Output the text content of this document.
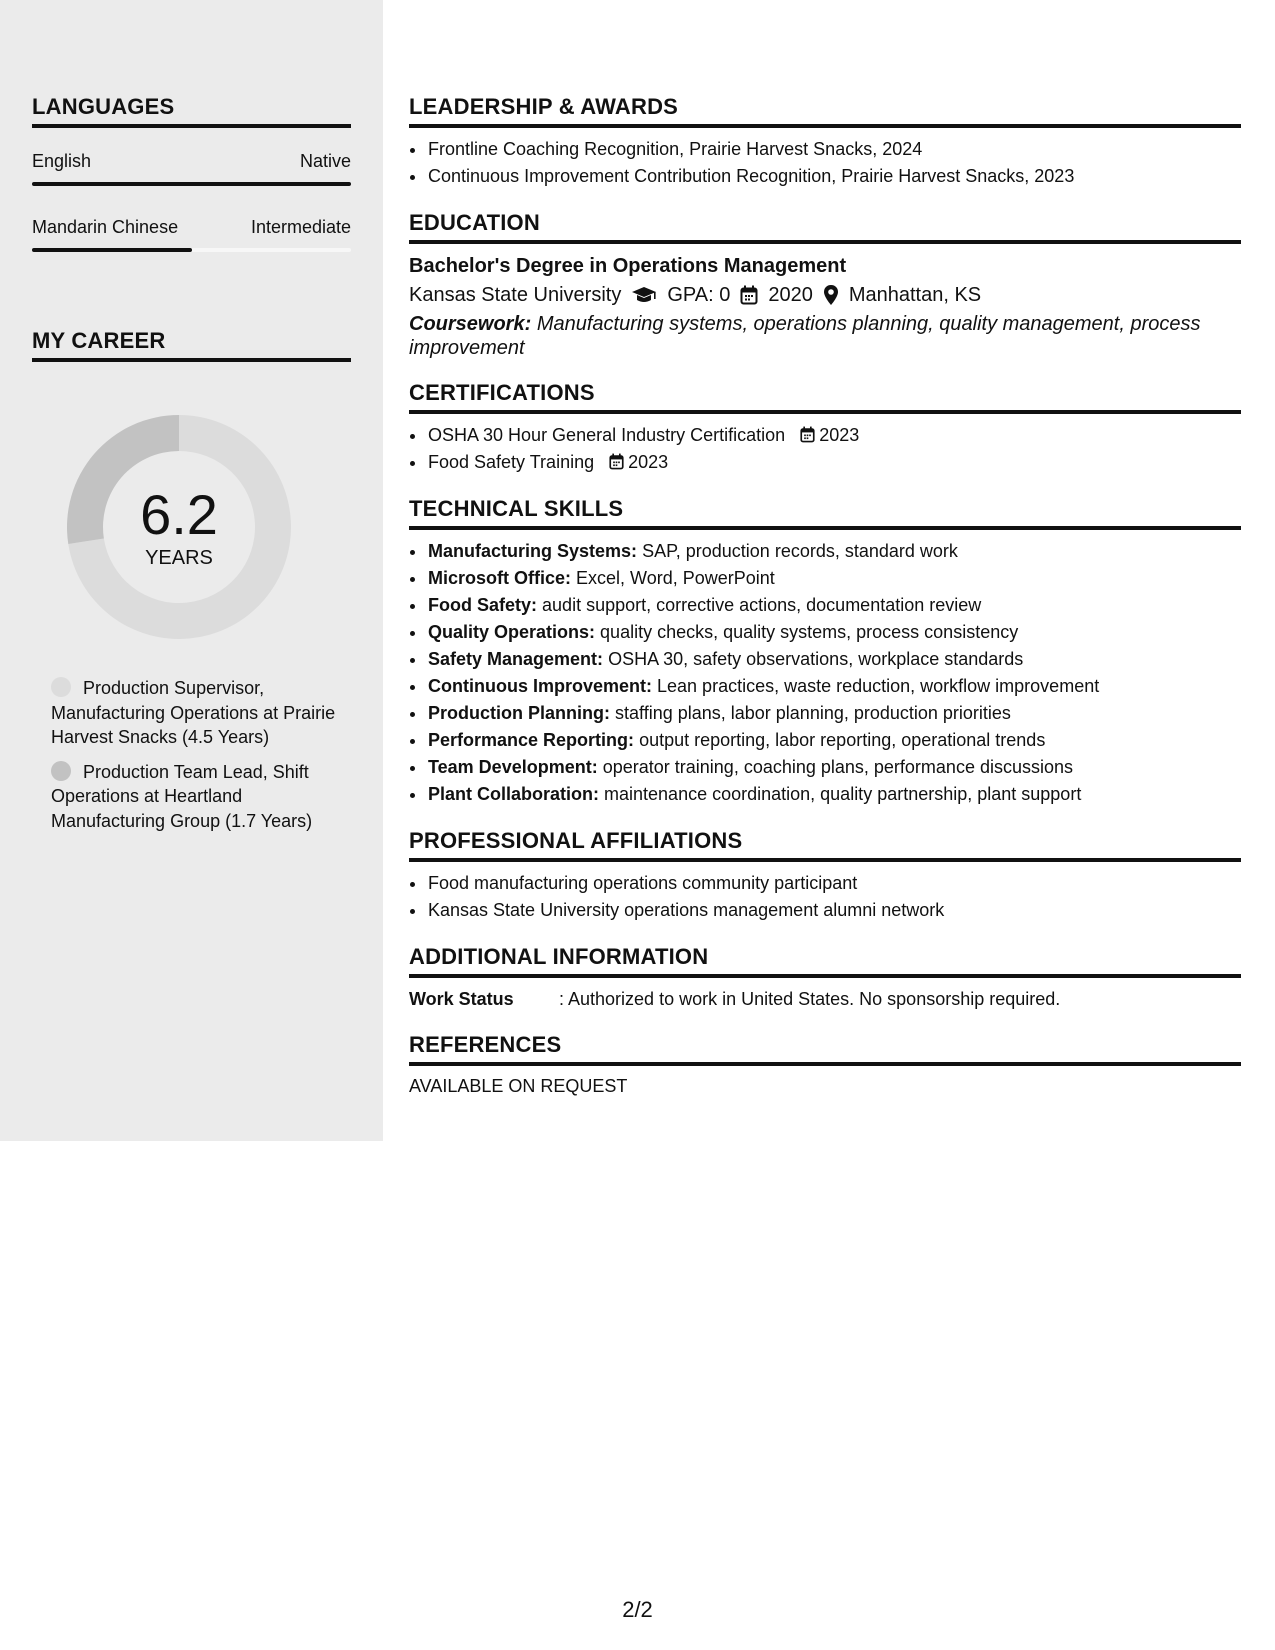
LANGUAGES
English	Native
Mandarin Chinese	Intermediate
MY CAREER
6.2
YEARS
Production Supervisor, Manufacturing Operations at Prairie Harvest Snacks (4.5 Years)
Production Team Lead, Shift Operations at Heartland Manufacturing Group (1.7 Years)
LEADERSHIP & AWARDS
• Frontline Coaching Recognition, Prairie Harvest Snacks, 2024
• Continuous Improvement Contribution Recognition, Prairie Harvest Snacks, 2023
EDUCATION
Bachelor's Degree in Operations Management
Kansas State University GPA: 0 2020 Manhattan, KS
Coursework: Manufacturing systems, operations planning, quality management, process improvement
CERTIFICATIONS
• OSHA 30 Hour General Industry Certification 2023
• Food Safety Training 2023
TECHNICAL SKILLS
• Manufacturing Systems: SAP, production records, standard work
• Microsoft Office: Excel, Word, PowerPoint
• Food Safety: audit support, corrective actions, documentation review
• Quality Operations: quality checks, quality systems, process consistency
• Safety Management: OSHA 30, safety observations, workplace standards
• Continuous Improvement: Lean practices, waste reduction, workflow improvement
• Production Planning: staffing plans, labor planning, production priorities
• Performance Reporting: output reporting, labor reporting, operational trends
• Team Development: operator training, coaching plans, performance discussions
• Plant Collaboration: maintenance coordination, quality partnership, plant support
PROFESSIONAL AFFILIATIONS
• Food manufacturing operations community participant
• Kansas State University operations management alumni network
ADDITIONAL INFORMATION
Work Status	: Authorized to work in United States. No sponsorship required.
REFERENCES
AVAILABLE ON REQUEST
2/2
